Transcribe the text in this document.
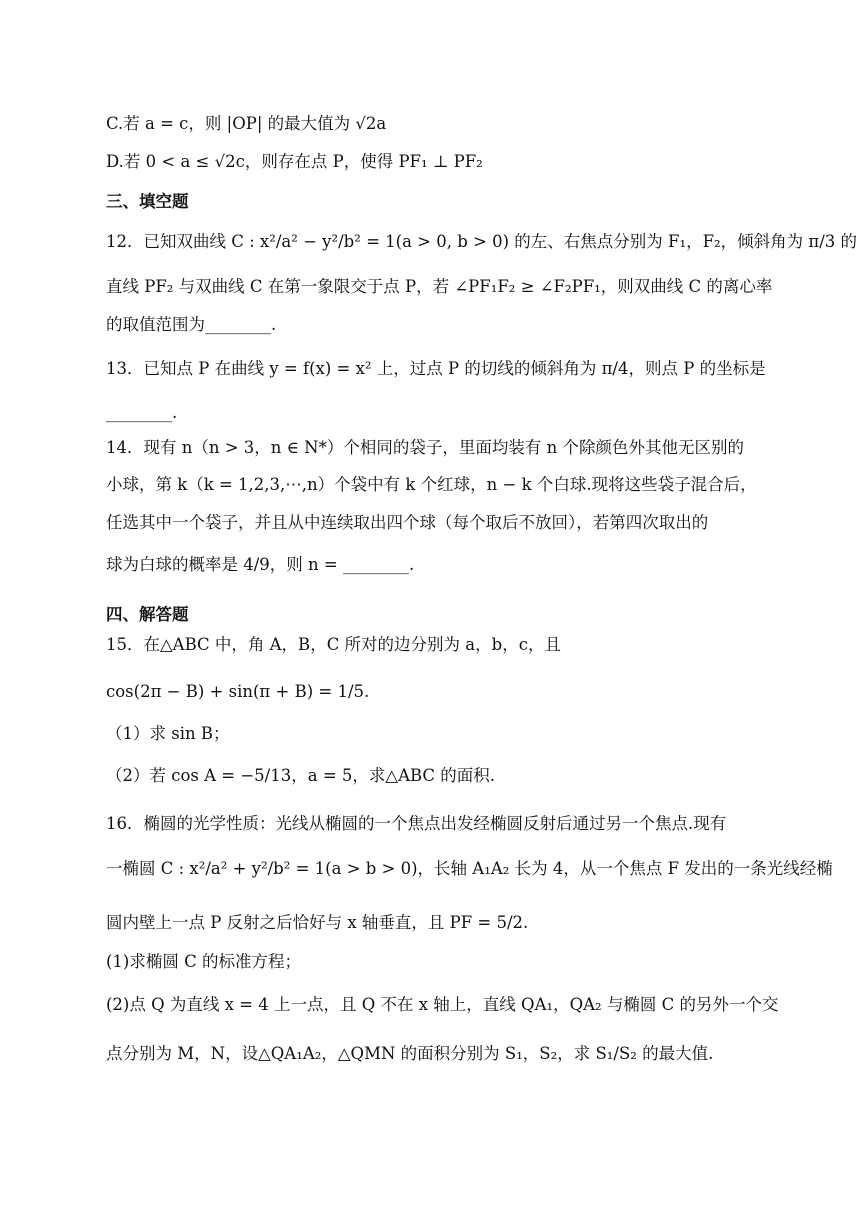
C.若 a = c，则 |OP| 的最大值为 √2a
D.若 0 < a ≤ √2c，则存在点 P，使得 PF₁ ⊥ PF₂
三、填空题
12．已知双曲线 C : x²/a² − y²/b² = 1(a > 0, b > 0) 的左、右焦点分别为 F₁，F₂，倾斜角为 π/3 的
直线 PF₂ 与双曲线 C 在第一象限交于点 P，若 ∠PF₁F₂ ≥ ∠F₂PF₁，则双曲线 C 的离心率
的取值范围为________.
13．已知点 P 在曲线 y = f(x) = x² 上，过点 P 的切线的倾斜角为 π/4，则点 P 的坐标是
________.
14．现有 n（n > 3，n ∈ N*）个相同的袋子，里面均装有 n 个除颜色外其他无区别的
小球，第 k（k = 1,2,3,⋯,n）个袋中有 k 个红球，n − k 个白球.现将这些袋子混合后，
任选其中一个袋子，并且从中连续取出四个球（每个取后不放回），若第四次取出的
球为白球的概率是 4/9，则 n = ________.
四、解答题
15．在△ABC 中，角 A，B，C 所对的边分别为 a，b，c，且
cos(2π − B) + sin(π + B) = 1/5.
（1）求 sin B；
（2）若 cos A = −5/13，a = 5，求△ABC 的面积.
16．椭圆的光学性质：光线从椭圆的一个焦点出发经椭圆反射后通过另一个焦点.现有
一椭圆 C : x²/a² + y²/b² = 1(a > b > 0)，长轴 A₁A₂ 长为 4，从一个焦点 F 发出的一条光线经椭
圆内壁上一点 P 反射之后恰好与 x 轴垂直，且 PF = 5/2.
(1)求椭圆 C 的标准方程；
(2)点 Q 为直线 x = 4 上一点，且 Q 不在 x 轴上，直线 QA₁，QA₂ 与椭圆 C 的另外一个交
点分别为 M，N，设△QA₁A₂，△QMN 的面积分别为 S₁，S₂，求 S₁/S₂ 的最大值.
